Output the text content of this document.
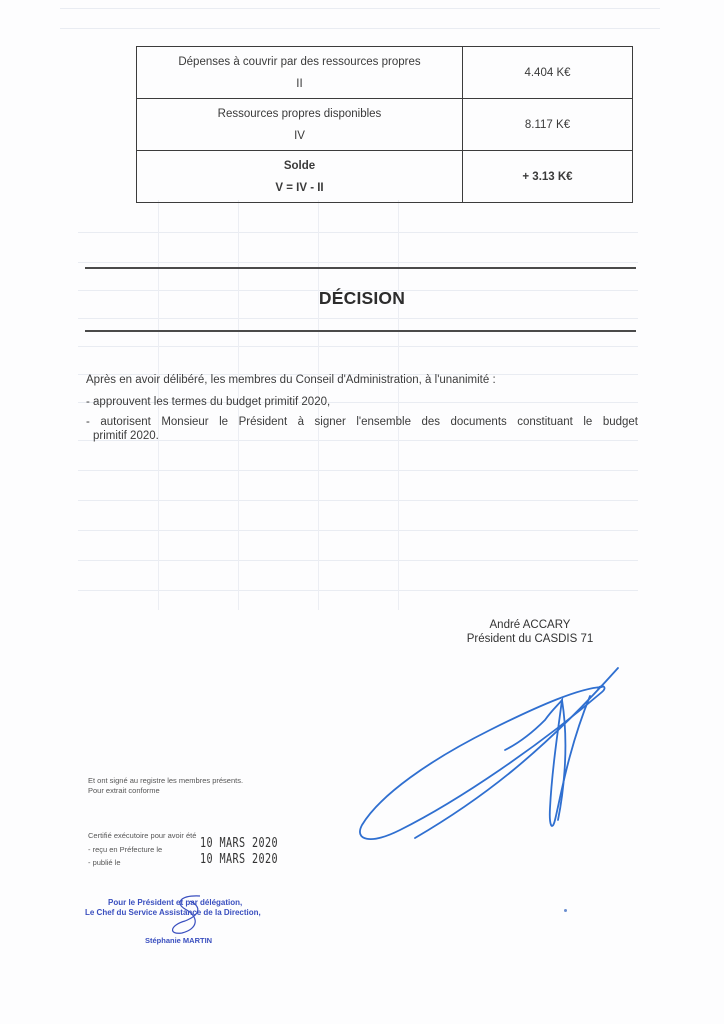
Dépenses à couvrir par des ressources propres
II	4.404 K€

Ressources propres disponibles
IV	8.117 K€

Solde
V = IV - II	+ 3.13 K€
DÉCISION
Après en avoir délibéré, les membres du Conseil d'Administration, à l'unanimité :
- approuvent les termes du budget primitif 2020,
- autorisent Monsieur le Président à signer l'ensemble des documents constituant le budget
primitif 2020.
André ACCARY
Président du CASDIS 71
Et ont signé au registre les membres présents.
Pour extrait conforme
Certifié exécutoire pour avoir été
- reçu en Préfecture le	10 MARS 2020
- publié le	10 MARS 2020
Pour le Président et par délégation,
Le Chef du Service Assistance de la Direction,
Stéphanie MARTIN
